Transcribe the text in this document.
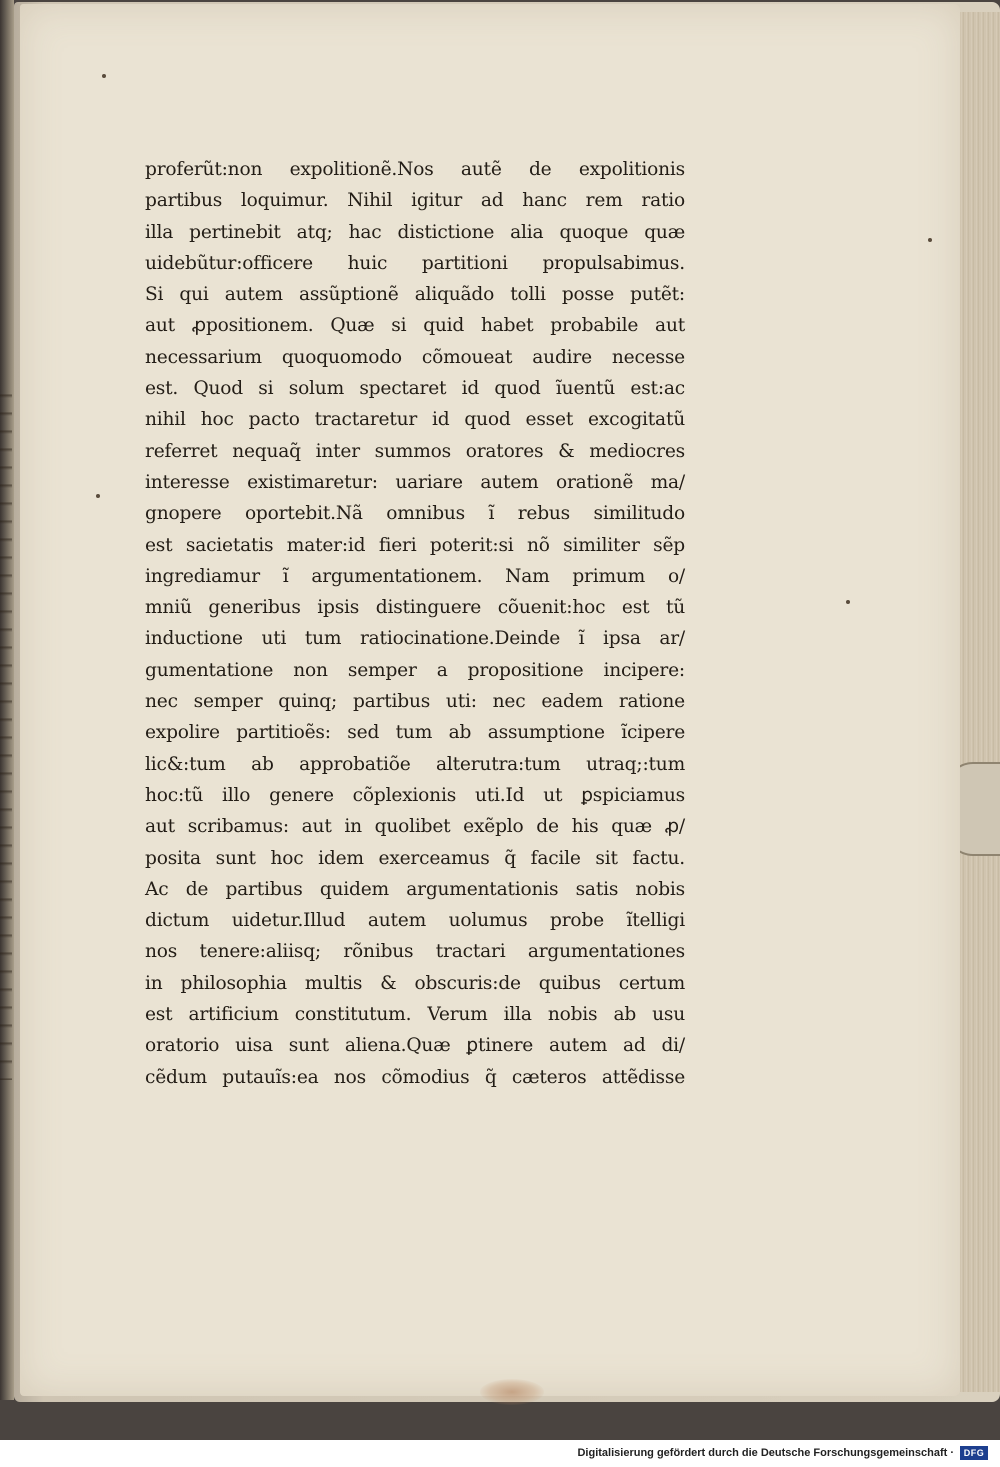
proferũt:non expolitionẽ.Nos autẽ de expolitionis
partibus loquimur. Nihil igitur ad hanc rem ratio
illa pertinebit atq; hac distictione alia quoque quæ
uidebũtur:officere huic partitioni propulsabimus.
Si qui autem assũptionẽ aliquãdo tolli posse putẽt:
aut ꝓpositionem. Quæ si quid habet probabile aut
necessarium quoquomodo cõmoueat audire necesse
est. Quod si solum spectaret id quod ĩuentũ est:ac
nihil hoc pacto tractaretur id quod esset excogitatũ
referret nequaq̃ inter summos oratores & mediocres
interesse existimaretur: uariare autem orationẽ ma/
gnopere oportebit.Nã omnibus ĩ rebus similitudo
est sacietatis mater:id fieri poterit:si nõ similiter sẽp
ingrediamur ĩ argumentationem. Nam primum o/
mniũ generibus ipsis distinguere cõuenit:hoc est tũ
inductione uti tum ratiocinatione.Deinde ĩ ipsa ar/
gumentatione non semper a propositione incipere:
nec semper quinq; partibus uti: nec eadem ratione
expolire partitioẽs: sed tum ab assumptione ĩcipere
lic&:tum ab approbatiõe alterutra:tum utraq;:tum
hoc:tũ illo genere cõplexionis uti.Id ut ꝑspiciamus
aut scribamus: aut in quolibet exẽplo de his quæ ꝓ/
posita sunt hoc idem exerceamus q̃ facile sit factu.
Ac de partibus quidem argumentationis satis nobis
dictum uidetur.Illud autem uolumus probe ĩtelligi
nos tenere:aliisq; rõnibus tractari argumentationes
in philosophia multis & obscuris:de quibus certum
est artificium constitutum. Verum illa nobis ab usu
oratorio uisa sunt aliena.Quæ ꝑtinere autem ad di/
cẽdum putauĩs:ea nos cõmodius q̃ cæteros attẽdisse
Digitalisierung gefördert durch die Deutsche Forschungsgemeinschaft ·	DFG
